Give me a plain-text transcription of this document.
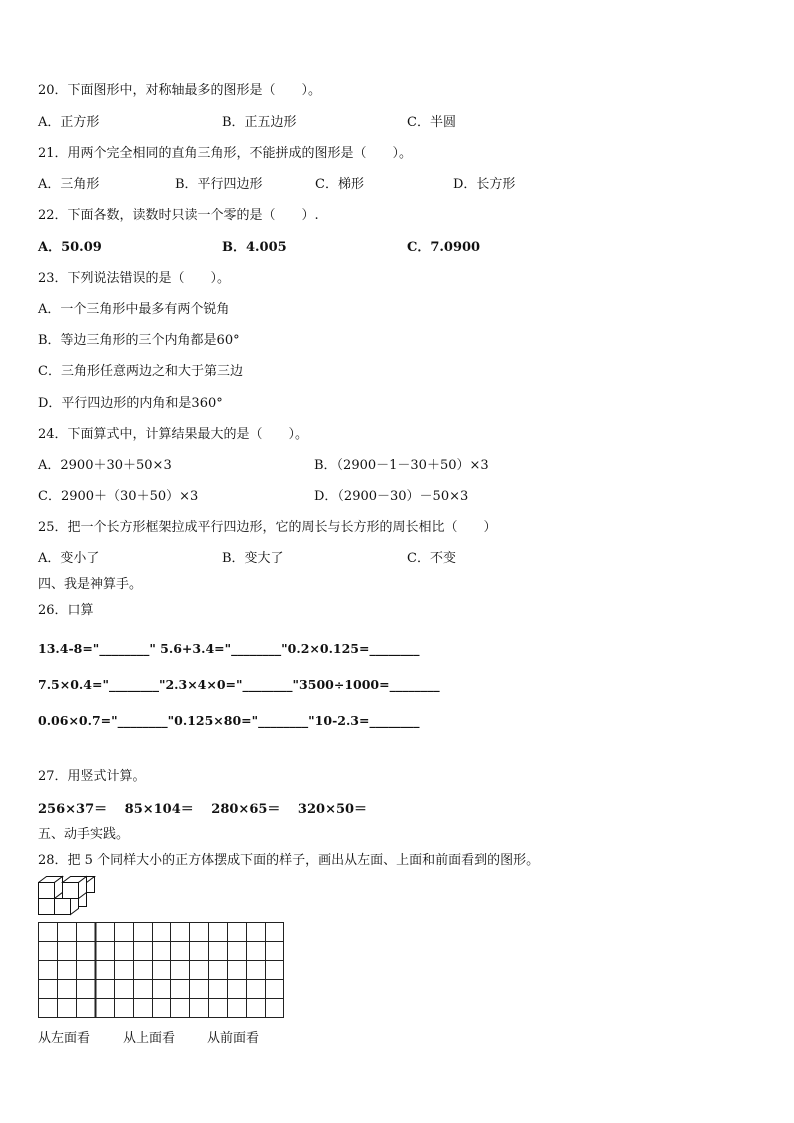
20．下面图形中，对称轴最多的图形是（　　）。
A．正方形	B．正五边形	C．半圆
21．用两个完全相同的直角三角形，不能拼成的图形是（　　）。
A．三角形	B．平行四边形	C．梯形	D．长方形
22．下面各数，读数时只读一个零的是（　　）.
A．50.09	B．4.005	C．7.0900
23．下列说法错误的是（　　）。
A．一个三角形中最多有两个锐角
B．等边三角形的三个内角都是60°
C．三角形任意两边之和大于第三边
D．平行四边形的内角和是360°
24．下面算式中，计算结果最大的是（　　）。
A．2900＋30＋50×3	B．（2900－1－30＋50）×3
C．2900＋（30＋50）×3	D．（2900－30）－50×3
25．把一个长方形框架拉成平行四边形，它的周长与长方形的周长相比（　　）
A．变小了	B．变大了	C．不变
四、我是神算手。
26．口算
13.4-8="________" 5.6+3.4="________"0.2×0.125=________
7.5×0.4="________"2.3×4×0="________"3500÷1000=________
0.06×0.7="________"0.125×80="________"10-2.3=________
27．用竖式计算。
256×37＝　 85×104＝　 280×65＝　 320×50＝
五、动手实践。
28．把 5 个同样大小的正方体摆成下面的样子，画出从左面、上面和前面看到的图形。
从左面看	从上面看 从前面看
